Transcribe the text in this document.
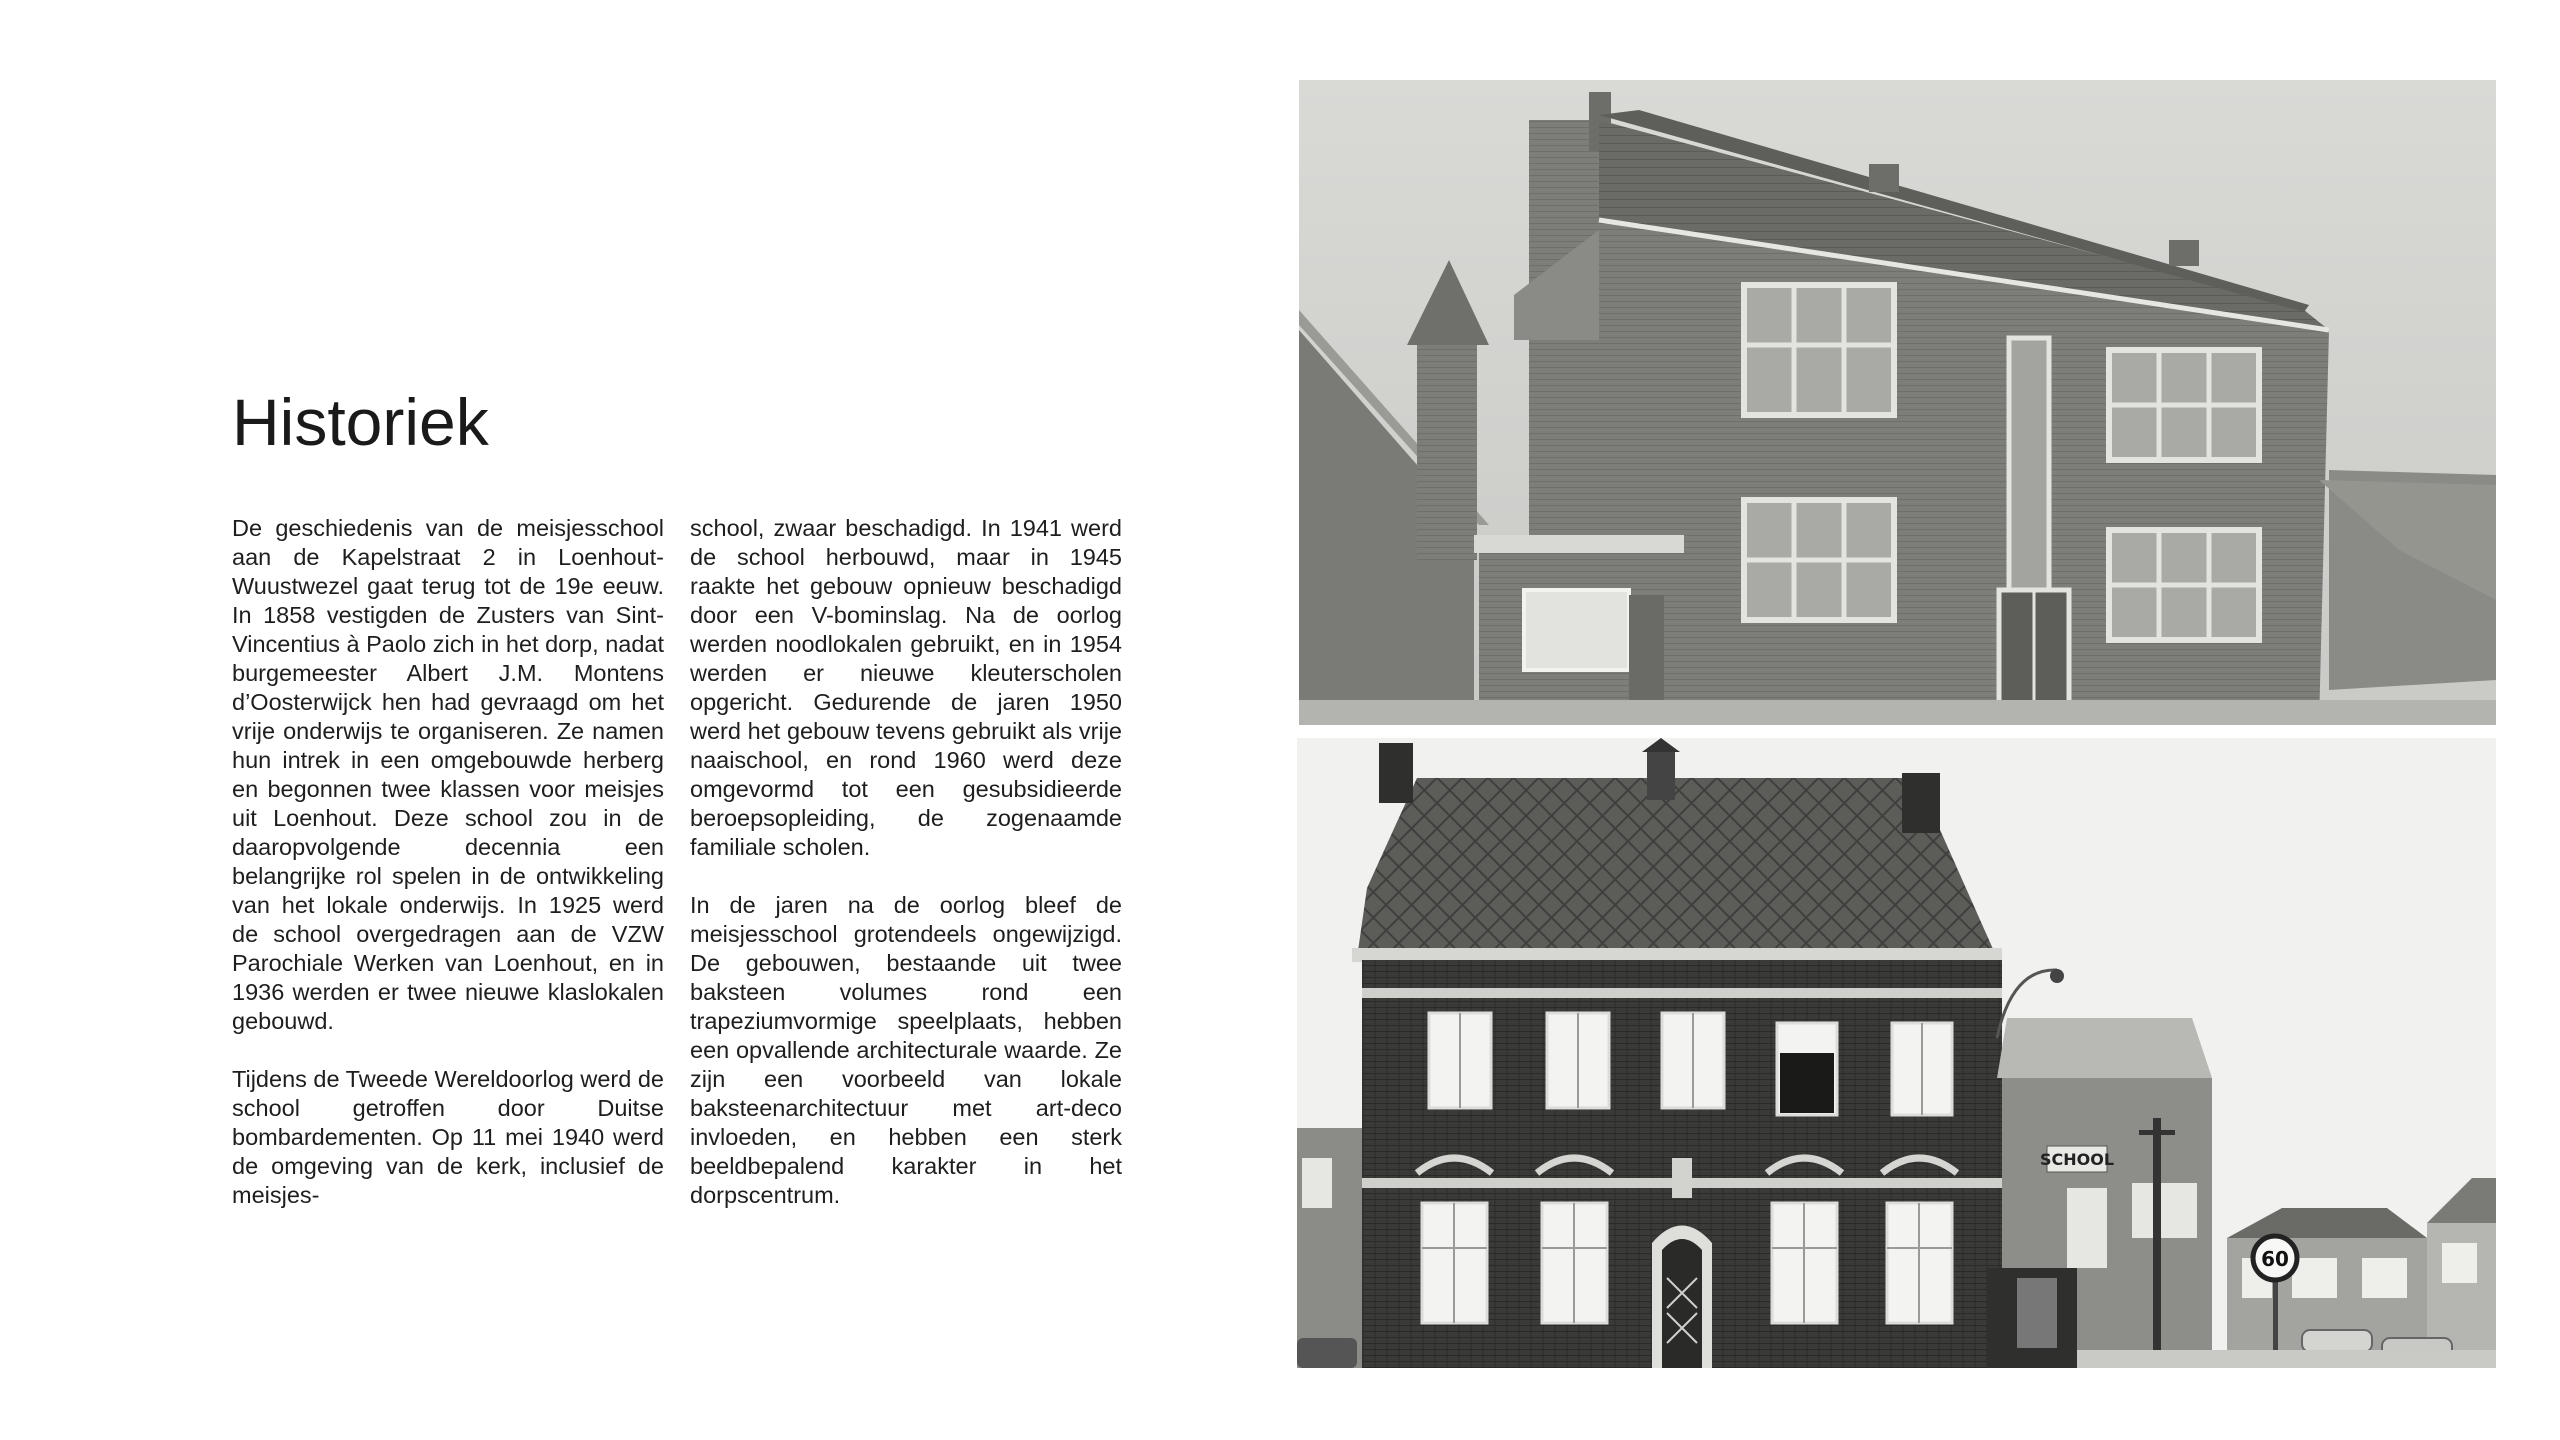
Historiek

De geschiedenis van de meisjesschool aan de Kapelstraat 2 in Loenhout-Wuustwezel gaat terug tot de 19e eeuw. In 1858 vestigden de Zusters van Sint-Vincentius à Paolo zich in het dorp, nadat burgemeester Albert J.M. Montens d’Oosterwijck hen had gevraagd om het vrije onderwijs te organiseren. Ze namen hun intrek in een omgebouwde herberg en begonnen twee klassen voor meisjes uit Loenhout. Deze school zou in de daaropvolgende decennia een belangrijke rol spelen in de ontwikkeling van het lokale onderwijs. In 1925 werd de school overgedragen aan de VZW Parochiale Werken van Loenhout, en in 1936 werden er twee nieuwe klaslokalen gebouwd.

Tijdens de Tweede Wereldoorlog werd de school getroffen door Duitse bombardementen. Op 11 mei 1940 werd de omgeving van de kerk, inclusief de meisjes-

school, zwaar beschadigd. In 1941 werd de school herbouwd, maar in 1945 raakte het gebouw opnieuw beschadigd door een V-bominslag. Na de oorlog werden noodlokalen gebruikt, en in 1954 werden er nieuwe kleuterscholen opgericht. Gedurende de jaren 1950 werd het gebouw tevens gebruikt als vrije naaischool, en rond 1960 werd deze omgevormd tot een gesubsidieerde beroepsopleiding, de zogenaamde familiale scholen.

In de jaren na de oorlog bleef de meisjesschool grotendeels ongewijzigd. De gebouwen, bestaande uit twee baksteen volumes rond een trapeziumvormige speelplaats, hebben een opvallende architecturale waarde. Ze zijn een voorbeeld van lokale baksteenarchitectuur met art-deco invloeden, en hebben een sterk beeldbepalend karakter in het dorpscentrum.

SCHOOL
60
